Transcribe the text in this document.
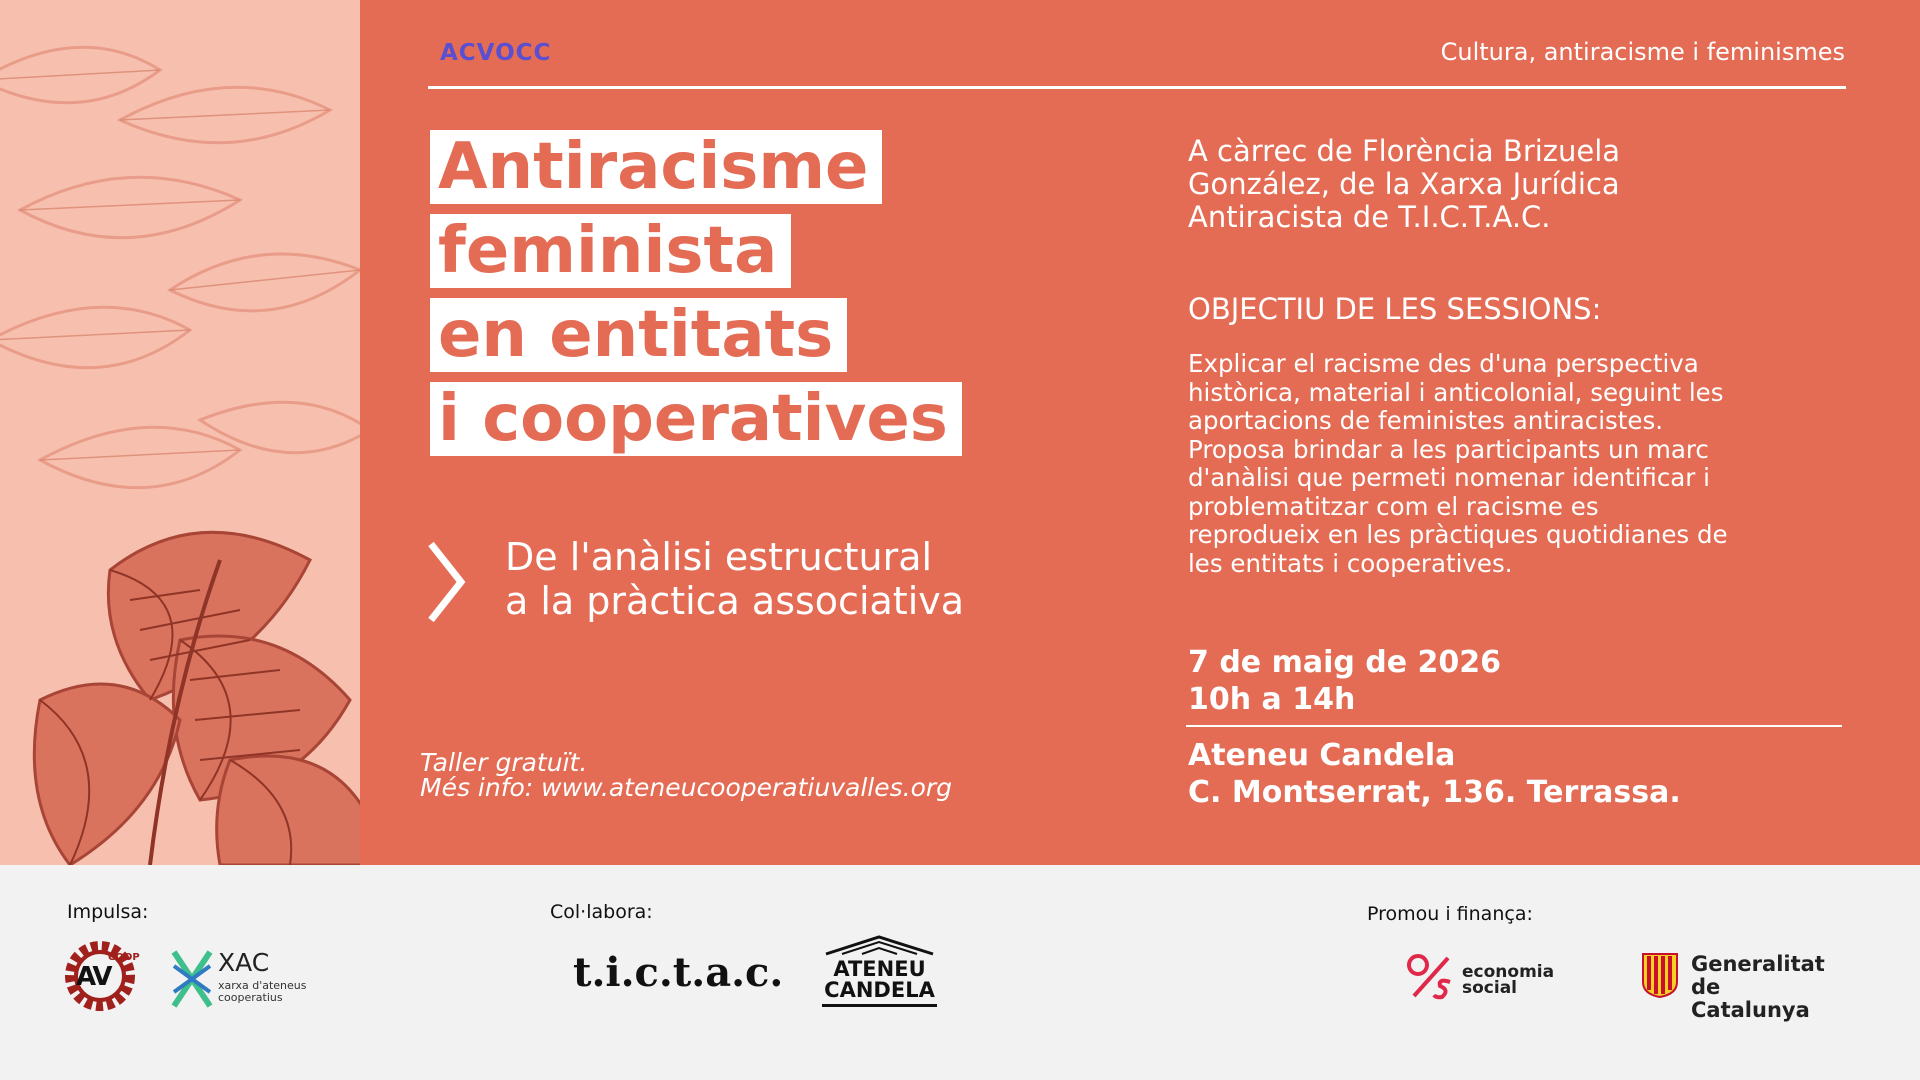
ACVOCC	Cultura, antiracisme i feminismes
Antiracisme
feminista
en entitats
i cooperatives
De l'anàlisi estructural
a la pràctica associativa
Taller gratuït.
Més info: www.ateneucooperatiuvalles.org
A càrrec de Florència Brizuela
González, de la Xarxa Jurídica
Antiracista de T.I.C.T.A.C.
OBJECTIU DE LES SESSIONS:
Explicar el racisme des d'una perspectiva
històrica, material i anticolonial, seguint les
aportacions de feministes antiracistes.
Proposa brindar a les participants un marc
d'anàlisi que permeti nomenar identificar i
problematitzar com el racisme es
reprodueix en les pràctiques quotidianes de
les entitats i cooperatives.
7 de maig de 2026
10h a 14h
Ateneu Candela
C. Montserrat, 136. Terrassa.
Impulsa:	Col·labora:	Promou i finança:
COOP
AV	XAC
xarxa d'ateneus
cooperatius
t.i.c.t.a.c.	ATENEU
CANDELA
economia
social
Generalitat
de Catalunya
